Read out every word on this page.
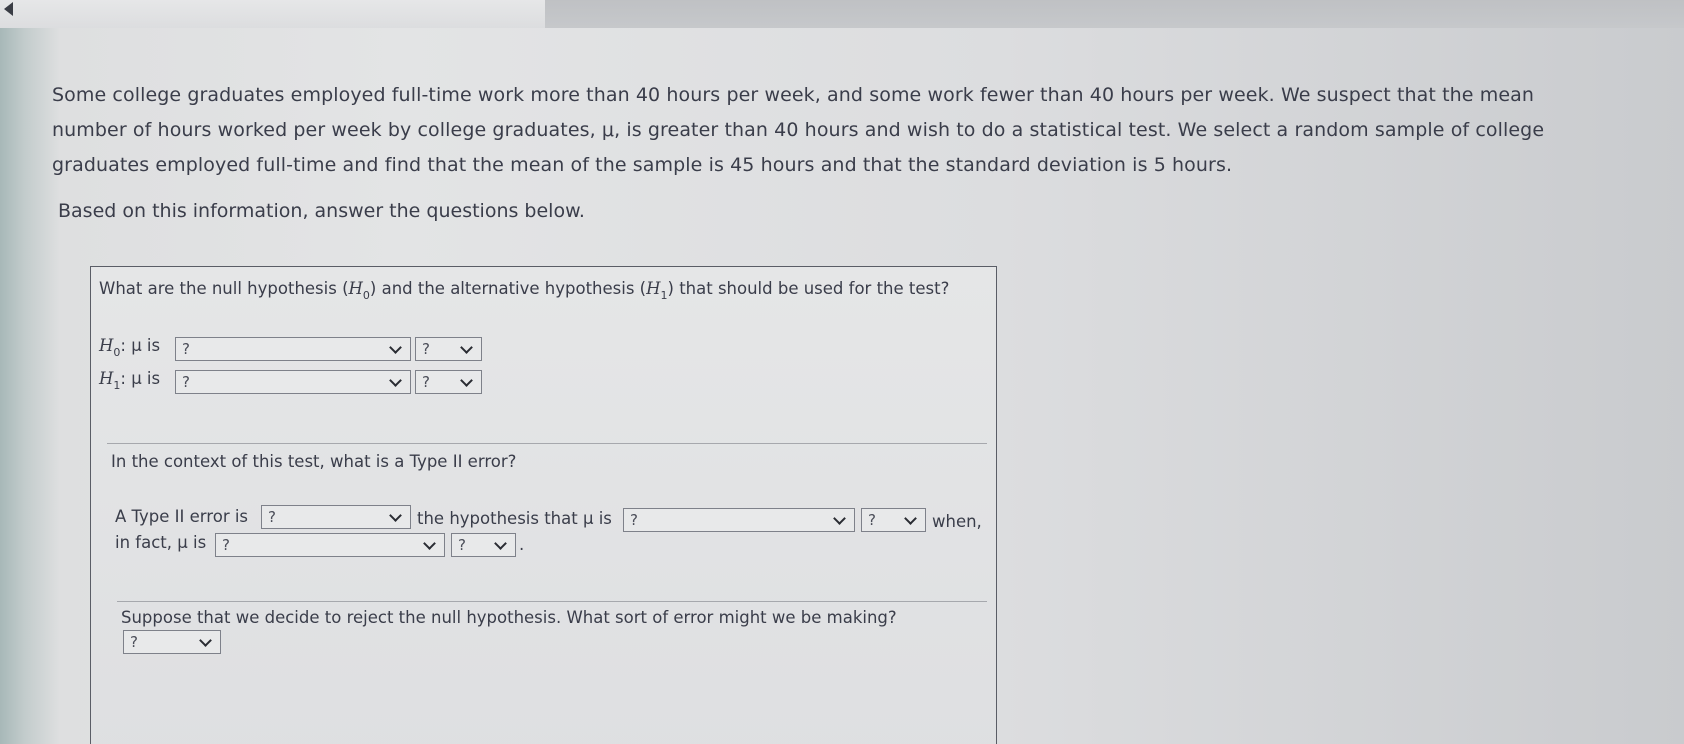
Some college graduates employed full-time work more than 40 hours per week, and some work fewer than 40 hours per week. We suspect that the mean

number of hours worked per week by college graduates, μ, is greater than 40 hours and wish to do a statistical test. We select a random sample of college

graduates employed full-time and find that the mean of the sample is 45 hours and that the standard deviation is 5 hours.

Based on this information, answer the questions below.
What are the null hypothesis $(H_0)$ and the alternative hypothesis $(H_1)$ that should be used for the test?
$H_0$: μ is ?	?
$H_1$: μ is ?	?
In the context of this test, what is a Type II error?
A Type II error is ?	the hypothesis that μ is ?	?	when,
in fact, μ is ?	?	.
Suppose that we decide to reject the null hypothesis. What sort of error might we be making?
?
